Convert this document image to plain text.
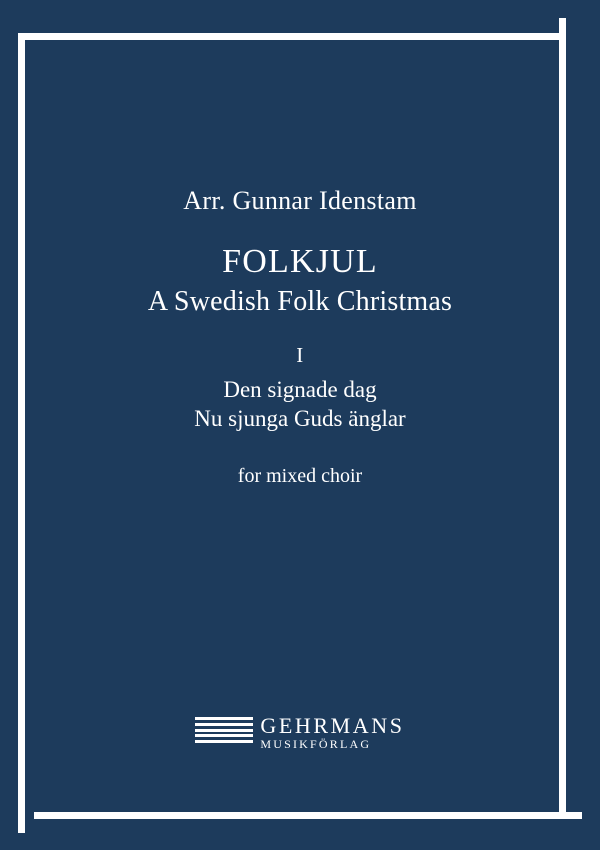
Arr. Gunnar Idenstam
FOLKJUL
A Swedish Folk Christmas
I
Den signade dag
Nu sjunga Guds änglar
for mixed choir
GEHRMANS
MUSIKFÖRLAG
